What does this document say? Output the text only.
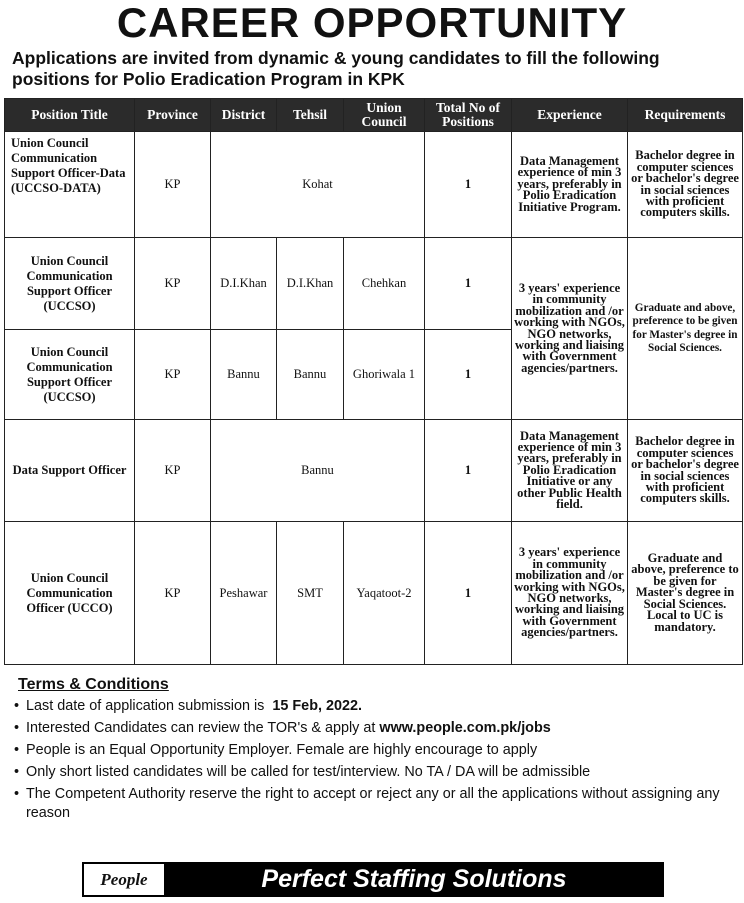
CAREER OPPORTUNITY
Applications are invited from dynamic & young candidates to fill the following positions for Polio Eradication Program in KPK
Position Title	Province	District	Tehsil	Union Council	Total No of Positions	Experience	Requirements
Union Council Communication Support Officer-Data (UCCSO-DATA)	KP	Kohat			1	Data Management experience of min 3 years, preferably in Polio Eradication Initiative Program.	Bachelor degree in computer sciences or bachelor's degree in social sciences with proficient computers skills.
Union Council Communication Support Officer (UCCSO)	KP	D.I.Khan	D.I.Khan	Chehkan	1	3 years' experience in community mobilization and /or working with NGOs, NGO networks, working and liaising with Government agencies/partners.	Graduate and above, preference to be given for Master's degree in Social Sciences.
Union Council Communication Support Officer (UCCSO)	KP	Bannu	Bannu	Ghoriwala 1	1		
Data Support Officer	KP	Bannu			1	Data Management experience of min 3 years, preferably in Polio Eradication Initiative or any other Public Health field.	Bachelor degree in computer sciences or bachelor's degree in social sciences with proficient computers skills.
Union Council Communication Officer (UCCO)	KP	Peshawar	SMT	Yaqatoot-2	1	3 years' experience in community mobilization and /or working with NGOs, NGO networks, working and liaising with Government agencies/partners.	Graduate and above, preference to be given for Master's degree in Social Sciences. Local to UC is mandatory.
Terms & Conditions
• Last date of application submission is 15 Feb, 2022.
• Interested Candidates can review the TOR's & apply at www.people.com.pk/jobs
• People is an Equal Opportunity Employer. Female are highly encourage to apply
• Only short listed candidates will be called for test/interview. No TA / DA will be admissible
• The Competent Authority reserve the right to accept or reject any or all the applications without assigning any reason
People	Perfect Staffing Solutions
